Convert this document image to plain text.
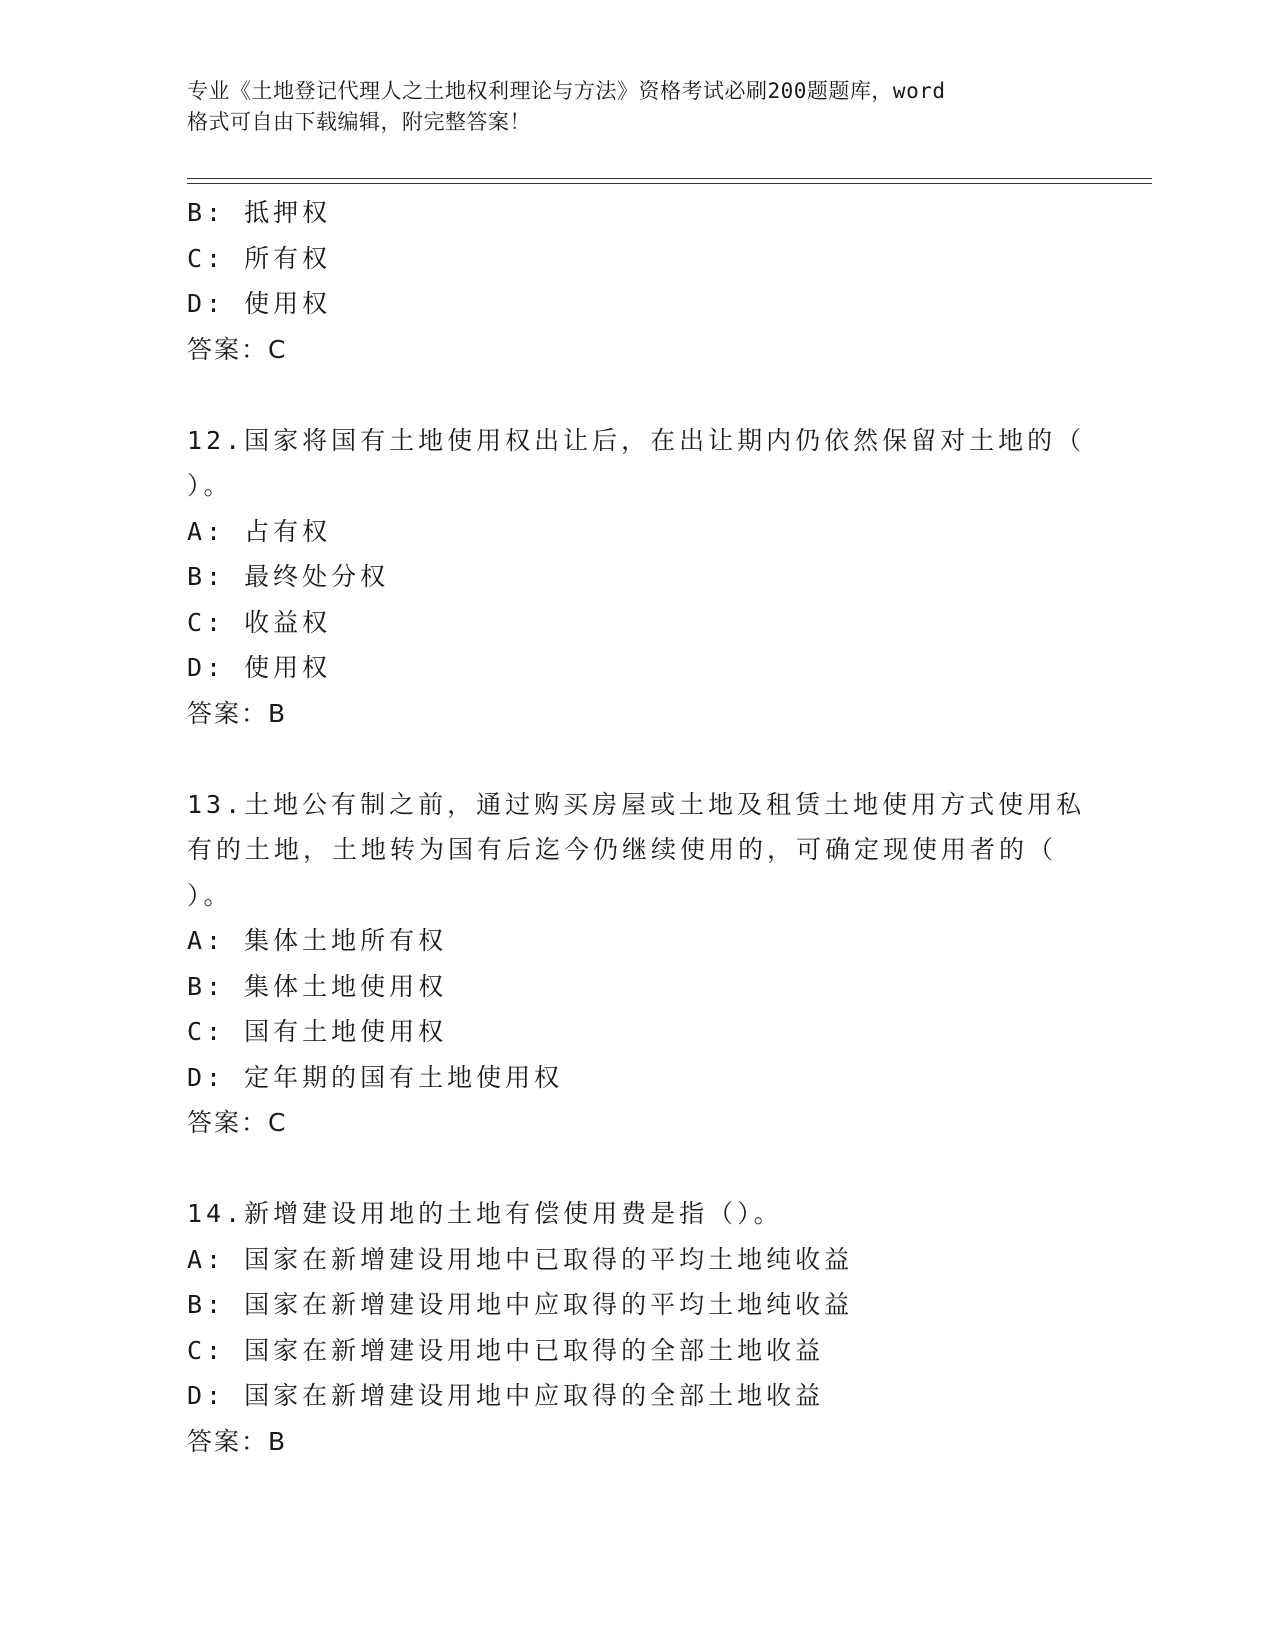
专业《土地登记代理人之土地权利理论与方法》资格考试必刷200题题库，word
格式可自由下载编辑，附完整答案！
B: 抵押权
C: 所有权
D: 使用权
答案：C
12.国家将国有土地使用权出让后，在出让期内仍依然保留对土地的（
）。
A: 占有权
B: 最终处分权
C: 收益权
D: 使用权
答案：B
13.土地公有制之前，通过购买房屋或土地及租赁土地使用方式使用私
有的土地，土地转为国有后迄今仍继续使用的，可确定现使用者的（
）。
A: 集体土地所有权
B: 集体土地使用权
C: 国有土地使用权
D: 定年期的国有土地使用权
答案：C
14.新增建设用地的土地有偿使用费是指（）。
A: 国家在新增建设用地中已取得的平均土地纯收益
B: 国家在新增建设用地中应取得的平均土地纯收益
C: 国家在新增建设用地中已取得的全部土地收益
D: 国家在新增建设用地中应取得的全部土地收益
答案：B
